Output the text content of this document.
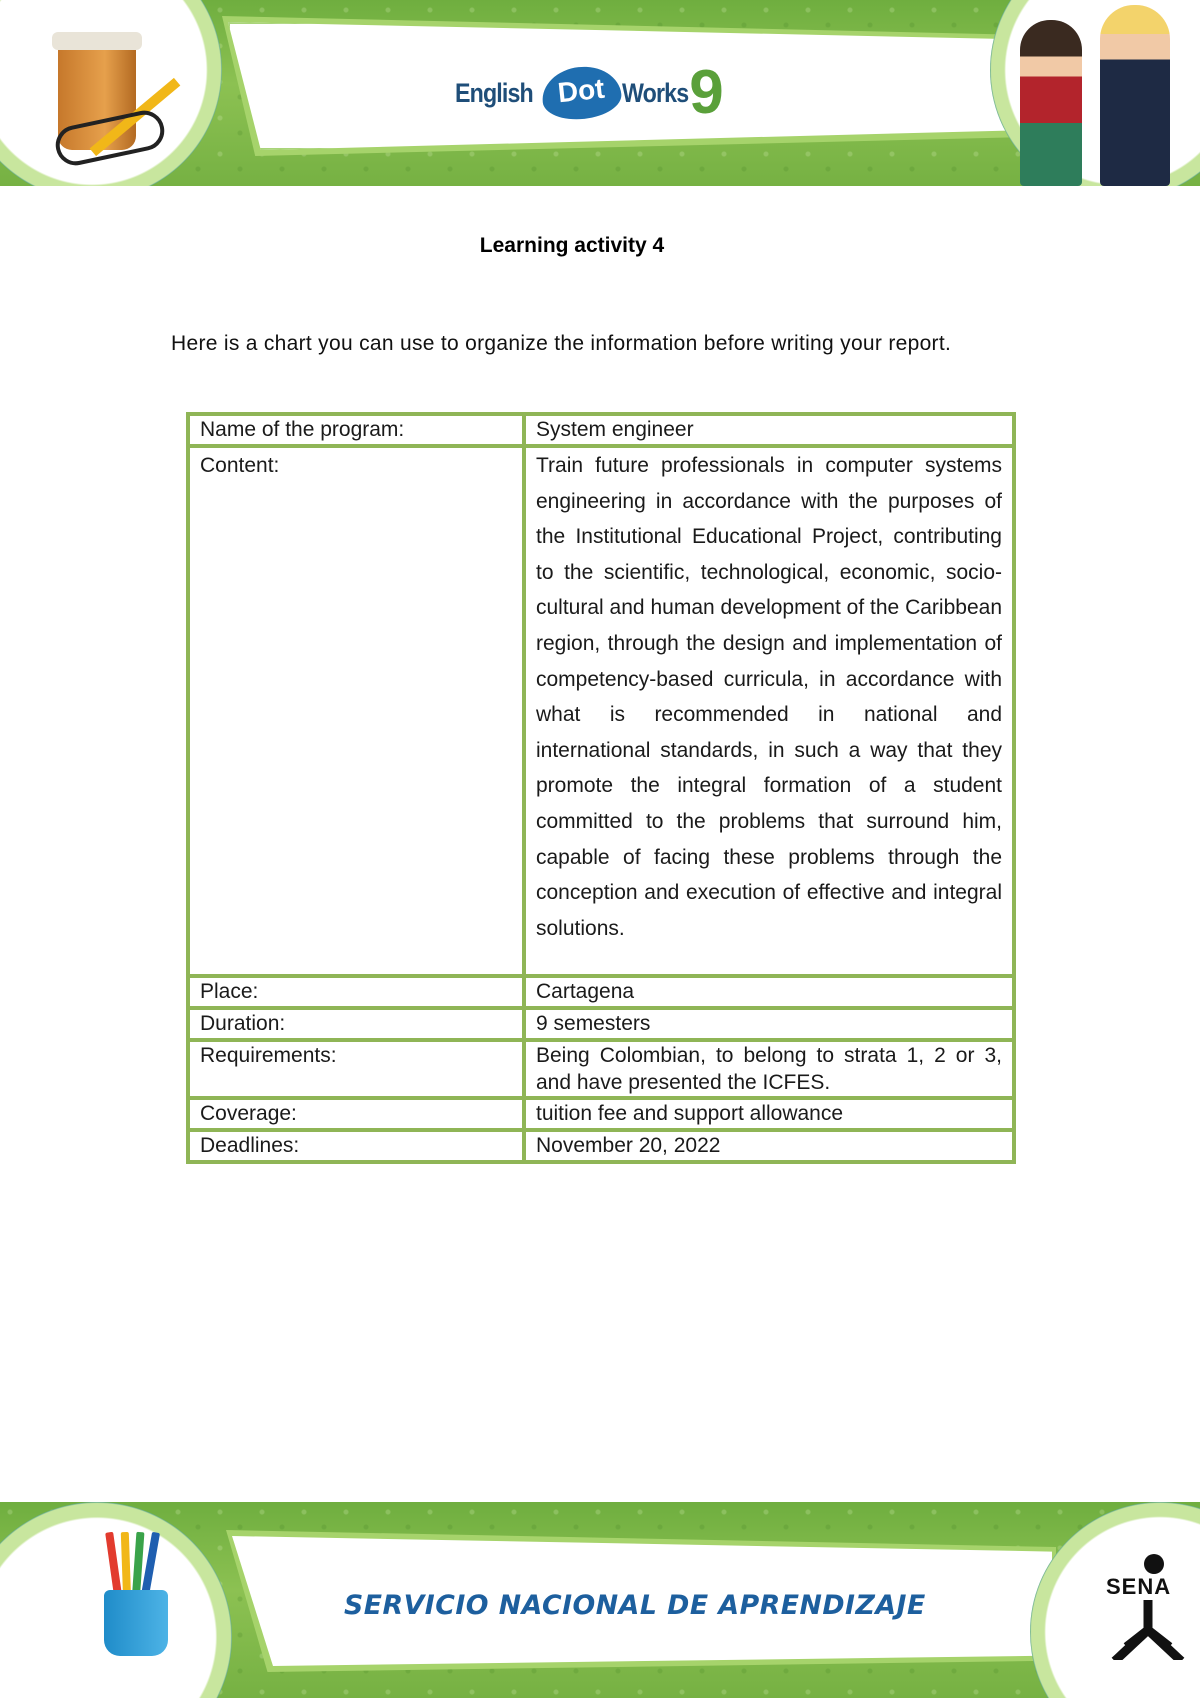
English Dot Works 9
Learning activity 4
Here is a chart you can use to organize the information before writing your report.
Name of the program:	System engineer
Content:	Train future professionals in computer systems engineering in accordance with the purposes of the Institutional Educational Project, contributing to the scientific, technological, economic, socio-cultural and human development of the Caribbean region, through the design and implementation of competency-based curricula, in accordance with what is recommended in national and international standards, in such a way that they promote the integral formation of a student committed to the problems that surround him, capable of facing these problems through the conception and execution of effective and integral solutions.
Place:	Cartagena
Duration:	9 semesters
Requirements:	Being Colombian, to belong to strata 1, 2 or 3, and have presented the ICFES.
Coverage:	tuition fee and support allowance
Deadlines:	November 20, 2022
SERVICIO NACIONAL DE APRENDIZAJE
SENA
